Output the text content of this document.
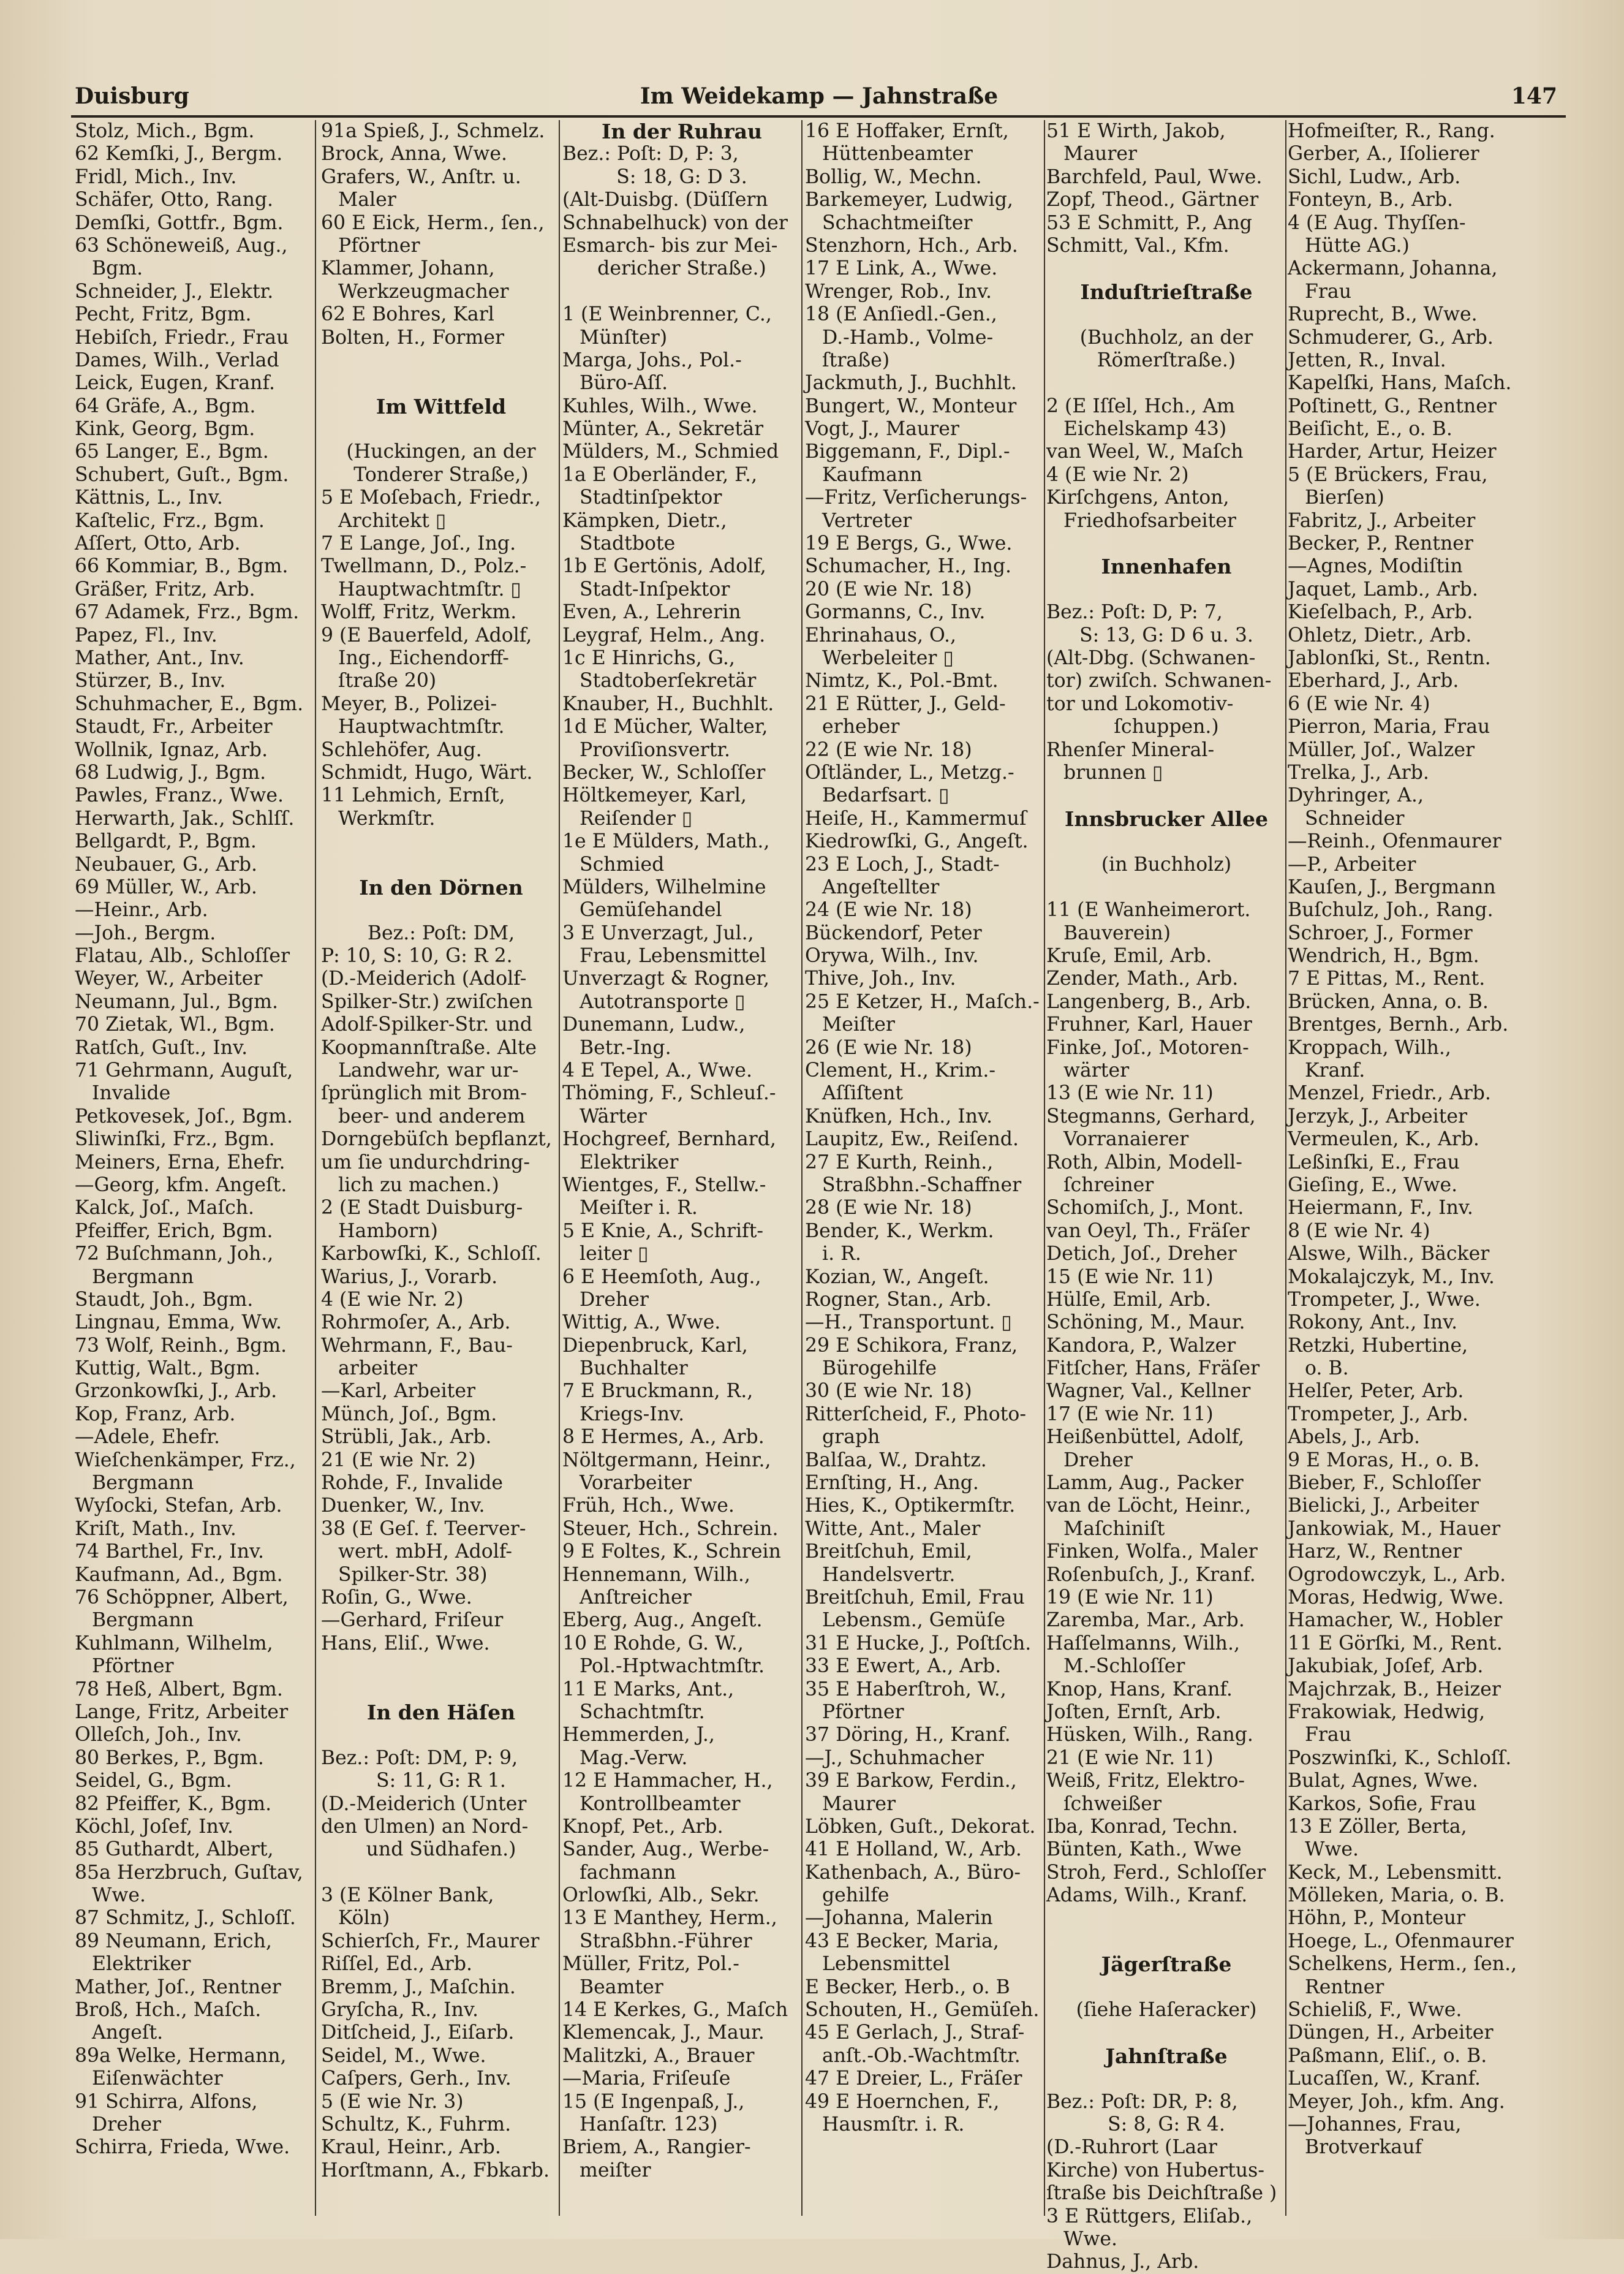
Duisburg	Im Weidekamp — Jahnstraße	147
Stolz, Mich., Bgm.
62 Kemſki, J., Bergm.
Fridl, Mich., Inv.
Schäfer, Otto, Rang.
Demſki, Gottfr., Bgm.
63 Schöneweiß, Aug.,
Bgm.
Schneider, J., Elektr.
Pecht, Fritz, Bgm.
Hebiſch, Friedr., Frau
Dames, Wilh., Verlad
Leick, Eugen, Kranf.
64 Gräfe, A., Bgm.
Kink, Georg, Bgm.
65 Langer, E., Bgm.
Schubert, Guſt., Bgm.
Kättnis, L., Inv.
Kaſtelic, Frz., Bgm.
Aſſert, Otto, Arb.
66 Kommiar, B., Bgm.
Gräßer, Fritz, Arb.
67 Adamek, Frz., Bgm.
Papez, Fl., Inv.
Mather, Ant., Inv.
Stürzer, B., Inv.
Schuhmacher, E., Bgm.
Staudt, Fr., Arbeiter
Wollnik, Ignaz, Arb.
68 Ludwig, J., Bgm.
Pawles, Franz., Wwe.
Herwarth, Jak., Schlſſ.
Bellgardt, P., Bgm.
Neubauer, G., Arb.
69 Müller, W., Arb.
—Heinr., Arb.
—Joh., Bergm.
Flatau, Alb., Schloſſer
Weyer, W., Arbeiter
Neumann, Jul., Bgm.
70 Zietak, Wl., Bgm.
Ratſch, Guſt., Inv.
71 Gehrmann, Auguſt,
Invalide
Petkovesek, Joſ., Bgm.
Sliwinſki, Frz., Bgm.
Meiners, Erna, Ehefr.
—Georg, kfm. Angeſt.
Kalck, Joſ., Maſch.
Pfeiffer, Erich, Bgm.
72 Buſchmann, Joh.,
Bergmann
Staudt, Joh., Bgm.
Lingnau, Emma, Ww.
73 Wolf, Reinh., Bgm.
Kuttig, Walt., Bgm.
Grzonkowſki, J., Arb.
Kop, Franz, Arb.
—Adele, Ehefr.
Wieſchenkämper, Frz.,
Bergmann
Wyſocki, Stefan, Arb.
Kriſt, Math., Inv.
74 Barthel, Fr., Inv.
Kaufmann, Ad., Bgm.
76 Schöppner, Albert,
Bergmann
Kuhlmann, Wilhelm,
Pförtner
78 Heß, Albert, Bgm.
Lange, Fritz, Arbeiter
Olleſch, Joh., Inv.
80 Berkes, P., Bgm.
Seidel, G., Bgm.
82 Pfeiffer, K., Bgm.
Köchl, Joſef, Inv.
85 Guthardt, Albert,
85a Herzbruch, Guſtav,
Wwe.
87 Schmitz, J., Schloſſ.
89 Neumann, Erich,
Elektriker
Mather, Joſ., Rentner
Broß, Hch., Maſch.
Angeſt.
89a Welke, Hermann,
Eiſenwächter
91 Schirra, Alfons,
Dreher
Schirra, Frieda, Wwe.
91a Spieß, J., Schmelz.
Brock, Anna, Wwe.
Grafers, W., Anſtr. u.
Maler
60 E Eick, Herm., ſen.,
Pförtner
Klammer, Johann,
Werkzeugmacher
62 E Bohres, Karl
Bolten, H., Former
Im Wittfeld
(Huckingen, an der
Tonderer Straße,)
5 E Moſebach, Friedr.,
Architekt ▯
7 E Lange, Joſ., Ing.
Twellmann, D., Polz.-
Hauptwachtmſtr. ▯
Wolff, Fritz, Werkm.
9 (E Bauerfeld, Adolf,
Ing., Eichendorff-
ſtraße 20)
Meyer, B., Polizei-
Hauptwachtmſtr.
Schlehöfer, Aug.
Schmidt, Hugo, Wärt.
11 Lehmich, Ernſt,
Werkmſtr.
In den Dörnen
Bez.: Poſt: DM,
P: 10, S: 10, G: R 2.
(D.-Meiderich (Adolf-
Spilker-Str.) zwiſchen
Adolf-Spilker-Str. und
Koopmannſtraße. Alte
Landwehr, war ur-
ſprünglich mit Brom-
beer- und anderem
Dorngebüſch bepflanzt,
um ſie undurchdring-
lich zu machen.)
2 (E Stadt Duisburg-
Hamborn)
Karbowſki, K., Schloſſ.
Warius, J., Vorarb.
4 (E wie Nr. 2)
Rohrmoſer, A., Arb.
Wehrmann, F., Bau-
arbeiter
—Karl, Arbeiter
Münch, Joſ., Bgm.
Strübli, Jak., Arb.
21 (E wie Nr. 2)
Rohde, F., Invalide
Duenker, W., Inv.
38 (E Geſ. f. Teerver-
wert. mbH, Adolf-
Spilker-Str. 38)
Roſin, G., Wwe.
—Gerhard, Friſeur
Hans, Eliſ., Wwe.
In den Häſen
Bez.: Poſt: DM, P: 9,
S: 11, G: R 1.
(D.-Meiderich (Unter
den Ulmen) an Nord-
und Südhafen.)
3 (E Kölner Bank,
Köln)
Schierſch, Fr., Maurer
Riſſel, Ed., Arb.
Bremm, J., Maſchin.
Gryſcha, R., Inv.
Ditſcheid, J., Eiſarb.
Seidel, M., Wwe.
Caſpers, Gerh., Inv.
5 (E wie Nr. 3)
Schultz, K., Fuhrm.
Kraul, Heinr., Arb.
Horſtmann, A., Fbkarb.
In der Ruhrau
Bez.: Poſt: D, P: 3,
S: 18, G: D 3.
(Alt-Duisbg. (Düſſern
Schnabelhuck) von der
Esmarch- bis zur Mei-
dericher Straße.)
1 (E Weinbrenner, C.,
Münſter)
Marga, Johs., Pol.-
Büro-Aſſ.
Kuhles, Wilh., Wwe.
Münter, A., Sekretär
Mülders, M., Schmied
1a E Oberländer, F.,
Stadtinſpektor
Kämpken, Dietr.,
Stadtbote
1b E Gertönis, Adolf,
Stadt-Inſpektor
Even, A., Lehrerin
Leygraf, Helm., Ang.
1c E Hinrichs, G.,
Stadtoberſekretär
Knauber, H., Buchhlt.
1d E Mücher, Walter,
Proviſionsvertr.
Becker, W., Schloſſer
Höltkemeyer, Karl,
Reiſender ▯
1e E Mülders, Math.,
Schmied
Mülders, Wilhelmine
Gemüſehandel
3 E Unverzagt, Jul.,
Frau, Lebensmittel
Unverzagt & Rogner,
Autotransporte ▯
Dunemann, Ludw.,
Betr.-Ing.
4 E Tepel, A., Wwe.
Thöming, F., Schleuſ.-
Wärter
Hochgreef, Bernhard,
Elektriker
Wientges, F., Stellw.-
Meiſter i. R.
5 E Knie, A., Schrift-
leiter ▯
6 E Heemſoth, Aug.,
Dreher
Wittig, A., Wwe.
Diepenbruck, Karl,
Buchhalter
7 E Bruckmann, R.,
Kriegs-Inv.
8 E Hermes, A., Arb.
Nöltgermann, Heinr.,
Vorarbeiter
Früh, Hch., Wwe.
Steuer, Hch., Schrein.
9 E Foltes, K., Schrein
Hennemann, Wilh.,
Anſtreicher
Eberg, Aug., Angeſt.
10 E Rohde, G. W.,
Pol.-Hptwachtmſtr.
11 E Marks, Ant.,
Schachtmſtr.
Hemmerden, J.,
Mag.-Verw.
12 E Hammacher, H.,
Kontrollbeamter
Knopf, Pet., Arb.
Sander, Aug., Werbe-
fachmann
Orlowſki, Alb., Sekr.
13 E Manthey, Herm.,
Straßbhn.-Führer
Müller, Fritz, Pol.-
Beamter
14 E Kerkes, G., Maſch
Klemencak, J., Maur.
Malitzki, A., Brauer
—Maria, Friſeuſe
15 (E Ingenpaß, J.,
Hanſaſtr. 123)
Briem, A., Rangier-
meiſter
16 E Hoffaker, Ernſt,
Hüttenbeamter
Bollig, W., Mechn.
Barkemeyer, Ludwig,
Schachtmeiſter
Stenzhorn, Hch., Arb.
17 E Link, A., Wwe.
Wrenger, Rob., Inv.
18 (E Anſiedl.-Gen.,
D.-Hamb., Volme-
ſtraße)
Jackmuth, J., Buchhlt.
Bungert, W., Monteur
Vogt, J., Maurer
Biggemann, F., Dipl.-
Kaufmann
—Fritz, Verſicherungs-
Vertreter
19 E Bergs, G., Wwe.
Schumacher, H., Ing.
20 (E wie Nr. 18)
Gormanns, C., Inv.
Ehrinahaus, O.,
Werbeleiter ▯
Nimtz, K., Pol.-Bmt.
21 E Rütter, J., Geld-
erheber
22 (E wie Nr. 18)
Oſtländer, L., Metzg.-
Bedarfsart. ▯
Heiſe, H., Kammermuſ
Kiedrowſki, G., Angeſt.
23 E Loch, J., Stadt-
Angeſtellter
24 (E wie Nr. 18)
Bückendorf, Peter
Orywa, Wilh., Inv.
Thive, Joh., Inv.
25 E Ketzer, H., Maſch.-
Meiſter
26 (E wie Nr. 18)
Clement, H., Krim.-
Aſſiſtent
Knüfken, Hch., Inv.
Laupitz, Ew., Reiſend.
27 E Kurth, Reinh.,
Straßbhn.-Schaffner
28 (E wie Nr. 18)
Bender, K., Werkm.
i. R.
Kozian, W., Angeſt.
Rogner, Stan., Arb.
—H., Transportunt. ▯
29 E Schikora, Franz,
Bürogehilfe
30 (E wie Nr. 18)
Ritterſcheid, F., Photo-
graph
Balſaa, W., Drahtz.
Ernſting, H., Ang.
Hies, K., Optikermſtr.
Witte, Ant., Maler
Breitſchuh, Emil,
Handelsvertr.
Breitſchuh, Emil, Frau
Lebensm., Gemüſe
31 E Hucke, J., Poſtſch.
33 E Ewert, A., Arb.
35 E Haberſtroh, W.,
Pförtner
37 Döring, H., Kranf.
—J., Schuhmacher
39 E Barkow, Ferdin.,
Maurer
Löbken, Guſt., Dekorat.
41 E Holland, W., Arb.
Kathenbach, A., Büro-
gehilfe
—Johanna, Malerin
43 E Becker, Maria,
Lebensmittel
E Becker, Herb., o. B
Schouten, H., Gemüſeh.
45 E Gerlach, J., Straf-
anſt.-Ob.-Wachtmſtr.
47 E Dreier, L., Fräſer
49 E Hoernchen, F.,
Hausmſtr. i. R.
51 E Wirth, Jakob,
Maurer
Barchfeld, Paul, Wwe.
Zopf, Theod., Gärtner
53 E Schmitt, P., Ang
Schmitt, Val., Kfm.
Induſtrieſtraße
(Buchholz, an der
Römerſtraße.)
2 (E Iſſel, Hch., Am
Eichelskamp 43)
van Weel, W., Maſch
4 (E wie Nr. 2)
Kirſchgens, Anton,
Friedhofsarbeiter
Innenhafen
Bez.: Poſt: D, P: 7,
S: 13, G: D 6 u. 3.
(Alt-Dbg. (Schwanen-
tor) zwiſch. Schwanen-
tor und Lokomotiv-
ſchuppen.)
Rhenſer Mineral-
brunnen ▯
Innsbrucker Allee
(in Buchholz)
11 (E Wanheimerort.
Bauverein)
Kruſe, Emil, Arb.
Zender, Math., Arb.
Langenberg, B., Arb.
Fruhner, Karl, Hauer
Finke, Joſ., Motoren-
wärter
13 (E wie Nr. 11)
Stegmanns, Gerhard,
Vorranaierer
Roth, Albin, Modell-
ſchreiner
Schomiſch, J., Mont.
van Oeyl, Th., Fräſer
Detich, Joſ., Dreher
15 (E wie Nr. 11)
Hülſe, Emil, Arb.
Schöning, M., Maur.
Kandora, P., Walzer
Fitſcher, Hans, Fräſer
Wagner, Val., Kellner
17 (E wie Nr. 11)
Heißenbüttel, Adolf,
Dreher
Lamm, Aug., Packer
van de Löcht, Heinr.,
Maſchiniſt
Finken, Wolfa., Maler
Roſenbuſch, J., Kranf.
19 (E wie Nr. 11)
Zaremba, Mar., Arb.
Haſſelmanns, Wilh.,
M.-Schloſſer
Knop, Hans, Kranf.
Joſten, Ernſt, Arb.
Hüsken, Wilh., Rang.
21 (E wie Nr. 11)
Weiß, Fritz, Elektro-
ſchweißer
Iba, Konrad, Techn.
Bünten, Kath., Wwe
Stroh, Ferd., Schloſſer
Adams, Wilh., Kranf.
Jägerſtraße
(ſiehe Haſeracker)
Jahnſtraße
Bez.: Poſt: DR, P: 8,
S: 8, G: R 4.
(D.-Ruhrort (Laar
Kirche) von Hubertus-
ſtraße bis Deichſtraße )
3 E Rüttgers, Eliſab.,
Wwe.
Dahnus, J., Arb.
Hofmeiſter, R., Rang.
Gerber, A., Iſolierer
Sichl, Ludw., Arb.
Fonteyn, B., Arb.
4 (E Aug. Thyſſen-
Hütte AG.)
Ackermann, Johanna,
Frau
Ruprecht, B., Wwe.
Schmuderer, G., Arb.
Jetten, R., Inval.
Kapelſki, Hans, Maſch.
Poſtinett, G., Rentner
Beiſicht, E., o. B.
Harder, Artur, Heizer
5 (E Brückers, Frau,
Bierſen)
Fabritz, J., Arbeiter
Becker, P., Rentner
—Agnes, Modiſtin
Jaquet, Lamb., Arb.
Kieſelbach, P., Arb.
Ohletz, Dietr., Arb.
Jablonſki, St., Rentn.
Eberhard, J., Arb.
6 (E wie Nr. 4)
Pierron, Maria, Frau
Müller, Joſ., Walzer
Trelka, J., Arb.
Dyhringer, A.,
Schneider
—Reinh., Ofenmaurer
—P., Arbeiter
Kauſen, J., Bergmann
Buſchulz, Joh., Rang.
Schroer, J., Former
Wendrich, H., Bgm.
7 E Pittas, M., Rent.
Brücken, Anna, o. B.
Brentges, Bernh., Arb.
Kroppach, Wilh.,
Kranf.
Menzel, Friedr., Arb.
Jerzyk, J., Arbeiter
Vermeulen, K., Arb.
Leßinſki, E., Frau
Gieſing, E., Wwe.
Heiermann, F., Inv.
8 (E wie Nr. 4)
Alswe, Wilh., Bäcker
Mokalajczyk, M., Inv.
Trompeter, J., Wwe.
Rokony, Ant., Inv.
Retzki, Hubertine,
o. B.
Helſer, Peter, Arb.
Trompeter, J., Arb.
Abels, J., Arb.
9 E Moras, H., o. B.
Bieber, F., Schloſſer
Bielicki, J., Arbeiter
Jankowiak, M., Hauer
Harz, W., Rentner
Ogrodowczyk, L., Arb.
Moras, Hedwig, Wwe.
Hamacher, W., Hobler
11 E Görſki, M., Rent.
Jakubiak, Joſef, Arb.
Majchrzak, B., Heizer
Frakowiak, Hedwig,
Frau
Poszwinſki, K., Schloſſ.
Bulat, Agnes, Wwe.
Karkos, Sofie, Frau
13 E Zöller, Berta,
Wwe.
Keck, M., Lebensmitt.
Mölleken, Maria, o. B.
Höhn, P., Monteur
Hoege, L., Ofenmaurer
Schelkens, Herm., ſen.,
Rentner
Schieliß, F., Wwe.
Düngen, H., Arbeiter
Paßmann, Eliſ., o. B.
Lucaſſen, W., Kranf.
Meyer, Joh., kfm. Ang.
—Johannes, Frau,
Brotverkauf
